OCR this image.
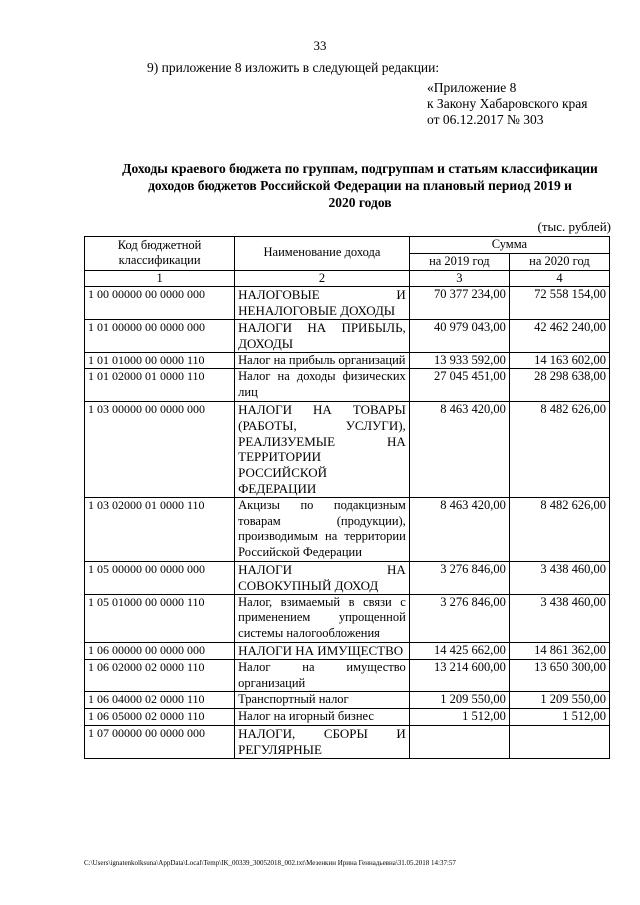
33
9) приложение 8 изложить в следующей редакции:
«Приложение 8
к Закону Хабаровского края
от 06.12.2017 № 303
Доходы краевого бюджета по группам, подгруппам и статьям классификации
доходов бюджетов Российской Федерации на плановый период 2019 и
2020 годов
(тыс. рублей)
Код бюджетной классификации	Наименование дохода	Сумма	
		на 2019 год	на 2020 год
1	2	3	4
1 00 00000 00 0000 000	НАЛОГОВЫЕ И НЕНАЛОГОВЫЕ ДОХОДЫ	70 377 234,00	72 558 154,00
1 01 00000 00 0000 000	НАЛОГИ НА ПРИБЫЛЬ, ДОХОДЫ	40 979 043,00	42 462 240,00
1 01 01000 00 0000 110	Налог на прибыль организаций	13 933 592,00	14 163 602,00
1 01 02000 01 0000 110	Налог на доходы физических лиц	27 045 451,00	28 298 638,00
1 03 00000 00 0000 000	НАЛОГИ НА ТОВАРЫ (РАБОТЫ, УСЛУГИ), РЕАЛИЗУЕМЫЕ НА ТЕРРИТОРИИ РОССИЙСКОЙ ФЕДЕРАЦИИ	8 463 420,00	8 482 626,00
1 03 02000 01 0000 110	Акцизы по подакцизным товарам (продукции), производимым на территории Российской Федерации	8 463 420,00	8 482 626,00
1 05 00000 00 0000 000	НАЛОГИ НА СОВОКУПНЫЙ ДОХОД	3 276 846,00	3 438 460,00
1 05 01000 00 0000 110	Налог, взимаемый в связи с применением упрощенной системы налогообложения	3 276 846,00	3 438 460,00
1 06 00000 00 0000 000	НАЛОГИ НА ИМУЩЕСТВО	14 425 662,00	14 861 362,00
1 06 02000 02 0000 110	Налог на имущество организаций	13 214 600,00	13 650 300,00
1 06 04000 02 0000 110	Транспортный налог	1 209 550,00	1 209 550,00
1 06 05000 02 0000 110	Налог на игорный бизнес	1 512,00	1 512,00
1 07 00000 00 0000 000	НАЛОГИ, СБОРЫ И РЕГУЛЯРНЫЕ		
C:\Users\ignatenkolksuna\AppData\Local\Temp\IK_00339_30052018_002.txt\Мезенкин Ирина Геннадьевна\31.05.2018 14:37:57
